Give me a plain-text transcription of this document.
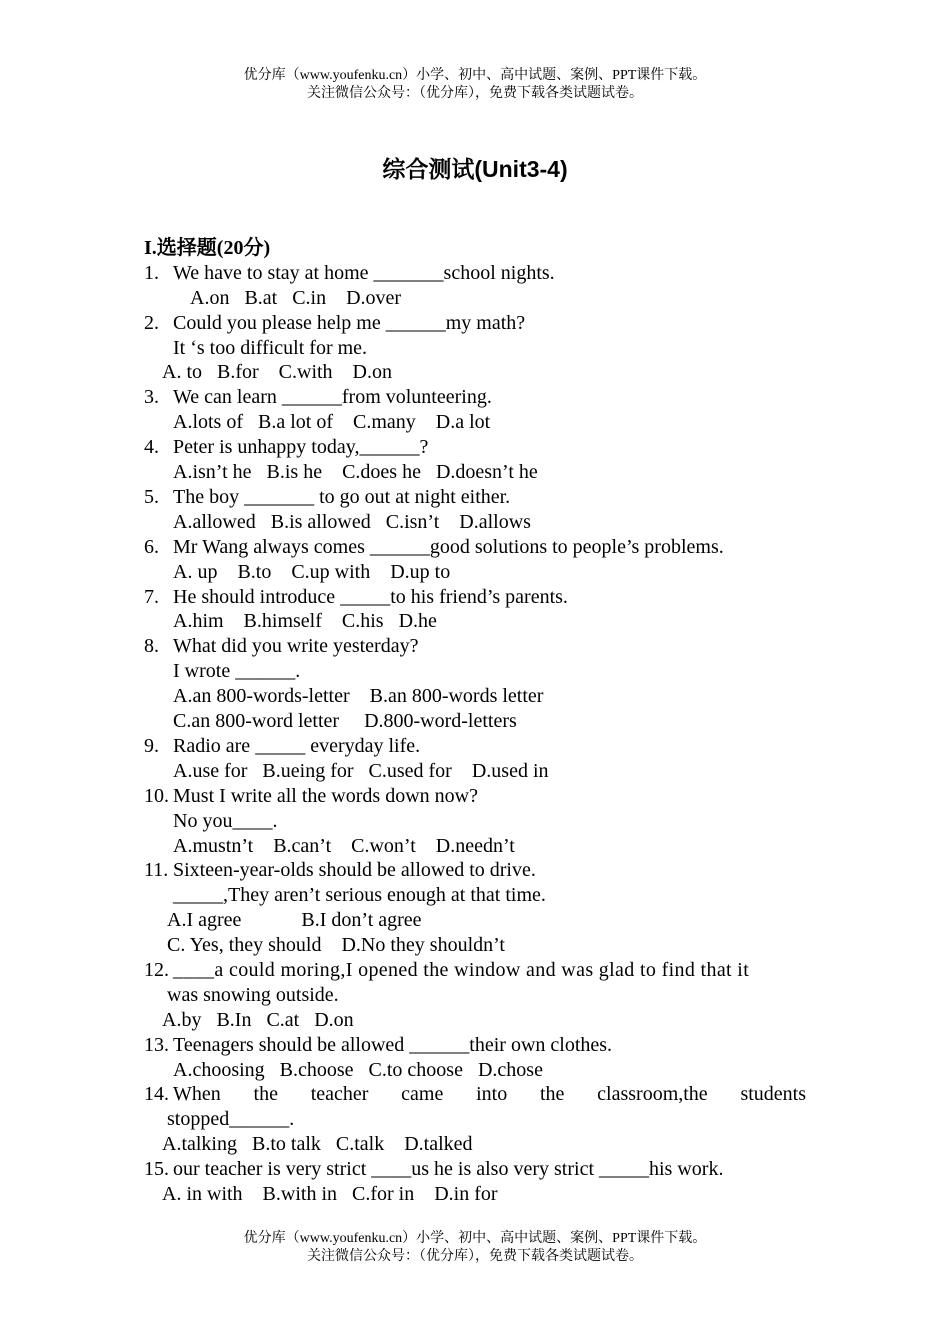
优分库（www.youfenku.cn）小学、初中、高中试题、案例、PPT课件下载。
关注微信公众号：（优分库），免费下载各类试题试卷。
综合测试(Unit3-4)
I.选择题(20分)
1. We have to stay at home _______school nights.
A.on   B.at   C.in    D.over
2. Could you please help me ______my math?
It ‘s too difficult for me.
A. to   B.for    C.with    D.on
3. We can learn ______from volunteering.
A.lots of   B.a lot of    C.many    D.a lot
4. Peter is unhappy today,______?
A.isn’t he   B.is he    C.does he   D.doesn’t he
5. The boy _______ to go out at night either.
A.allowed   B.is allowed   C.isn’t    D.allows
6. Mr Wang always comes ______good solutions to people’s problems.
A. up    B.to    C.up with    D.up to
7. He should introduce _____to his friend’s parents.
A.him    B.himself    C.his   D.he
8. What did you write yesterday?
I wrote ______.
A.an 800-words-letter    B.an 800-words letter
C.an 800-word letter     D.800-word-letters
9. Radio are _____ everyday life.
A.use for   B.ueing for   C.used for    D.used in
10. Must I write all the words down now?
No you____.
A.mustn’t    B.can’t    C.won’t    D.needn’t
11. Sixteen-year-olds should be allowed to drive.
_____,They aren’t serious enough at that time.
A.I agree            B.I don’t agree
C. Yes, they should    D.No they shouldn’t
12. ____a could moring,I opened the window and was glad to find that it
was snowing outside.
A.by   B.In   C.at   D.on
13. Teenagers should be allowed ______their own clothes.
A.choosing   B.choose   C.to choose   D.chose
14. When the teacher came into the classroom,the students
stopped______.
A.talking   B.to talk   C.talk    D.talked
15. our teacher is very strict ____us he is also very strict _____his work.
A. in with    B.with in   C.for in    D.in for
优分库（www.youfenku.cn）小学、初中、高中试题、案例、PPT课件下载。
关注微信公众号：（优分库），免费下载各类试题试卷。
